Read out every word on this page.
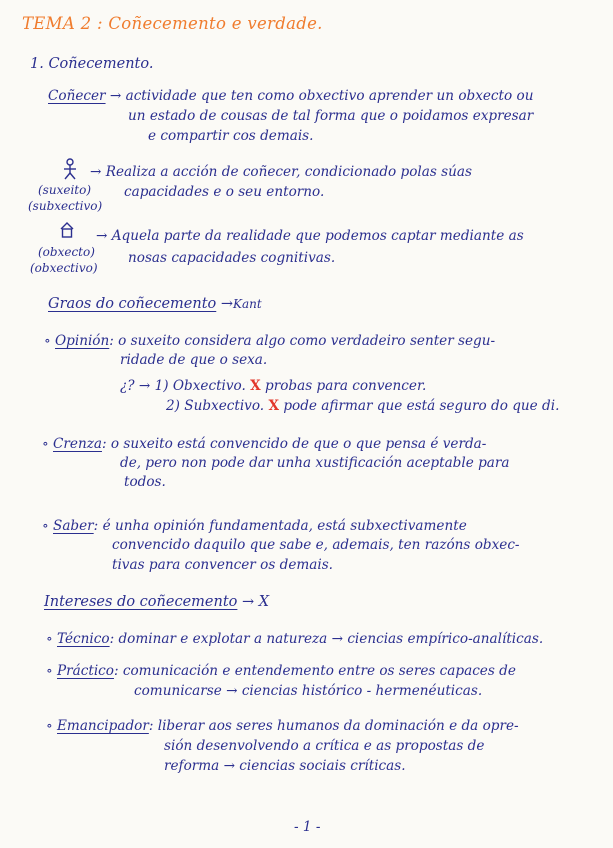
TEMA 2 : Coñecemento e verdade.
1. Coñecemento.
Coñecer → actividade que ten como obxectivo aprender un obxecto ou
un estado de cousas de tal forma que o poidamos expresar
e compartir cos demais.
→ Realiza a acción de coñecer, condicionado polas súas
(suxeito) capacidades e o seu entorno.
(subxectivo)
→ Aquela parte da realidade que podemos captar mediante as
(obxecto) nosas capacidades cognitivas.
(obxectivo)
Graos do coñecemento →Kant
∘ Opinión: o suxeito considera algo como verdadeiro senter segu-
ridade de que o sexa.
¿? → 1) Obxectivo. X probas para convencer.
2) Subxectivo. X pode afirmar que está seguro do que di.
∘ Crenza: o suxeito está convencido de que o que pensa é verda-
de, pero non pode dar unha xustificación aceptable para
todos.
∘ Saber: é unha opinión fundamentada, está subxectivamente
convencido daquilo que sabe e, ademais, ten razóns obxec-
tivas para convencer os demais.
Intereses do coñecemento → X
∘ Técnico: dominar e explotar a natureza → ciencias empírico-analíticas.
∘ Práctico: comunicación e entendemento entre os seres capaces de
comunicarse → ciencias histórico - hermenéuticas.
∘ Emancipador: liberar aos seres humanos da dominación e da opre-
sión desenvolvendo a crítica e as propostas de
reforma → ciencias sociais críticas.
- 1 -
